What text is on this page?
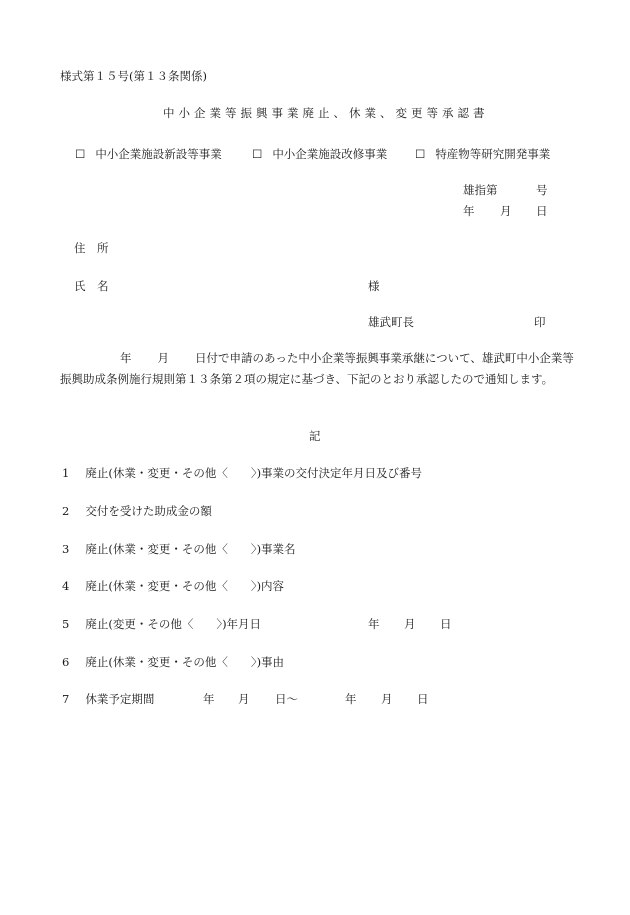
様式第１５号(第１３条関係)
中小企業等振興事業廃止、休業、変更等承認書
☐ 中小企業施設新設等事業	☐ 中小企業施設改修事業 ☐ 特産物等研究開発事業
雄指第	号
年 月 日
住　所
氏　名	様
雄武町長	印
年 月 日付で申請のあった中小企業等振興事業承継について、雄武町中小企業等振興助成条例施行規則第１３条第２項の規定に基づき、下記のとおり承認したので通知します。
記
1 廃止(休業・変更・その他〈　　〉)事業の交付決定年月日及び番号
2 交付を受けた助成金の額
3 廃止(休業・変更・その他〈　　〉)事業名
4 廃止(休業・変更・その他〈　　〉)内容
5 廃止(変更・その他〈　　〉)年月日	年 月 日
6 廃止(休業・変更・その他〈　　〉)事由
7 休業予定期間	年 月 日〜	年 月 日
